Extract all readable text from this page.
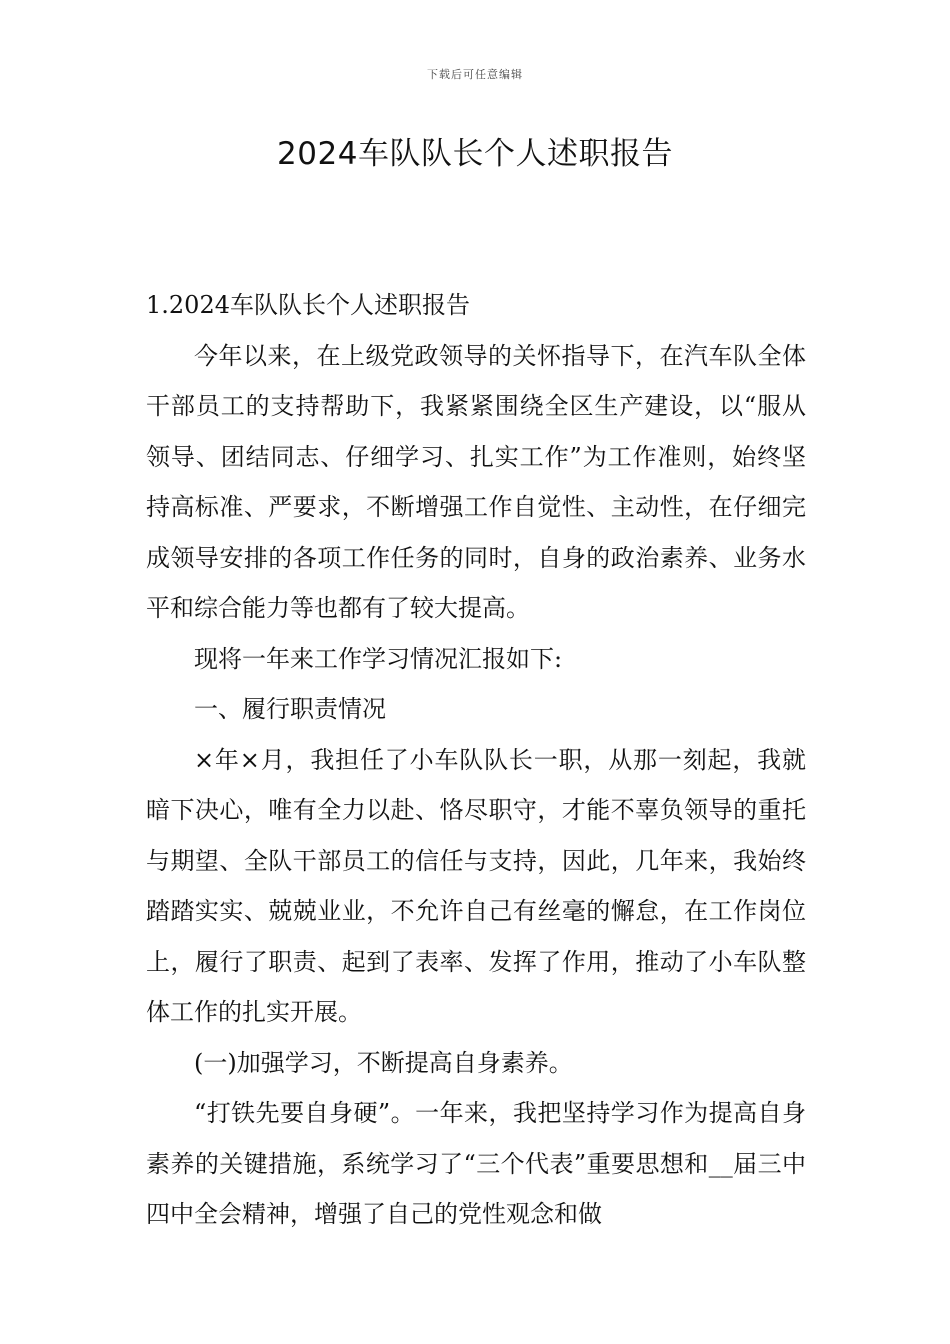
下载后可任意编辑
2024车队队长个人述职报告

1.2024车队队长个人述职报告

今年以来，在上级党政领导的关怀指导下，在汽车队全体干部员工的支持帮助下，我紧紧围绕全区生产建设，以“服从领导、团结同志、仔细学习、扎实工作”为工作准则，始终坚持高标准、严要求，不断增强工作自觉性、主动性，在仔细完成领导安排的各项工作任务的同时，自身的政治素养、业务水平和综合能力等也都有了较大提高。

现将一年来工作学习情况汇报如下:

一、履行职责情况

×年×月，我担任了小车队队长一职，从那一刻起，我就暗下决心，唯有全力以赴、恪尽职守，才能不辜负领导的重托与期望、全队干部员工的信任与支持，因此，几年来，我始终踏踏实实、兢兢业业，不允许自己有丝毫的懈怠，在工作岗位上，履行了职责、起到了表率、发挥了作用，推动了小车队整体工作的扎实开展。

(一)加强学习，不断提高自身素养。

“打铁先要自身硬”。一年来，我把坚持学习作为提高自身素养的关键措施，系统学习了“三个代表”重要思想和__届三中四中全会精神，增强了自己的党性观念和做
